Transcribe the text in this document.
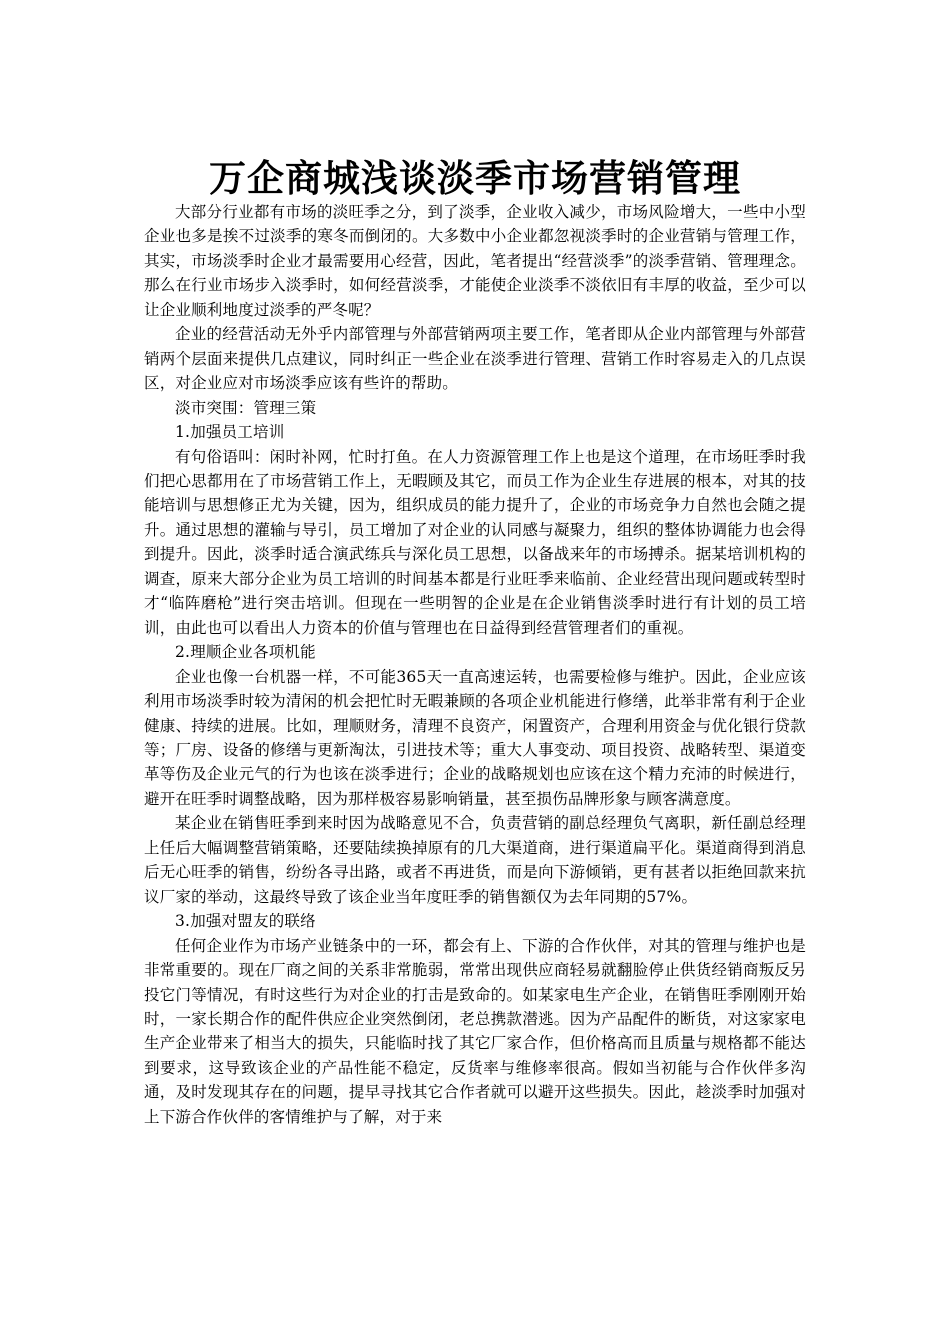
万企商城浅谈淡季市场营销管理

大部分行业都有市场的淡旺季之分，到了淡季，企业收入减少，市场风险增大，一些中小型企业也多是挨不过淡季的寒冬而倒闭的。大多数中小企业都忽视淡季时的企业营销与管理工作，其实，市场淡季时企业才最需要用心经营，因此，笔者提出“经营淡季”的淡季营销、管理理念。那么在行业市场步入淡季时，如何经营淡季，才能使企业淡季不淡依旧有丰厚的收益，至少可以让企业顺利地度过淡季的严冬呢？

企业的经营活动无外乎内部管理与外部营销两项主要工作，笔者即从企业内部管理与外部营销两个层面来提供几点建议，同时纠正一些企业在淡季进行管理、营销工作时容易走入的几点误区，对企业应对市场淡季应该有些许的帮助。

淡市突围：管理三策

1.加强员工培训

有句俗语叫：闲时补网，忙时打鱼。在人力资源管理工作上也是这个道理，在市场旺季时我们把心思都用在了市场营销工作上，无暇顾及其它，而员工作为企业生存进展的根本，对其的技能培训与思想修正尤为关键，因为，组织成员的能力提升了，企业的市场竞争力自然也会随之提升。通过思想的灌输与导引，员工增加了对企业的认同感与凝聚力，组织的整体协调能力也会得到提升。因此，淡季时适合演武练兵与深化员工思想，以备战来年的市场搏杀。据某培训机构的调查，原来大部分企业为员工培训的时间基本都是行业旺季来临前、企业经营出现问题或转型时才“临阵磨枪”进行突击培训。但现在一些明智的企业是在企业销售淡季时进行有计划的员工培训，由此也可以看出人力资本的价值与管理也在日益得到经营管理者们的重视。

2.理顺企业各项机能

企业也像一台机器一样，不可能365天一直高速运转，也需要检修与维护。因此，企业应该利用市场淡季时较为清闲的机会把忙时无暇兼顾的各项企业机能进行修缮，此举非常有利于企业健康、持续的进展。比如，理顺财务，清理不良资产，闲置资产，合理利用资金与优化银行贷款等；厂房、设备的修缮与更新淘汰，引进技术等；重大人事变动、项目投资、战略转型、渠道变革等伤及企业元气的行为也该在淡季进行；企业的战略规划也应该在这个精力充沛的时候进行，避开在旺季时调整战略，因为那样极容易影响销量，甚至损伤品牌形象与顾客满意度。

某企业在销售旺季到来时因为战略意见不合，负责营销的副总经理负气离职，新任副总经理上任后大幅调整营销策略，还要陆续换掉原有的几大渠道商，进行渠道扁平化。渠道商得到消息后无心旺季的销售，纷纷各寻出路，或者不再进货，而是向下游倾销，更有甚者以拒绝回款来抗议厂家的举动，这最终导致了该企业当年度旺季的销售额仅为去年同期的57%。

3.加强对盟友的联络

任何企业作为市场产业链条中的一环，都会有上、下游的合作伙伴，对其的管理与维护也是非常重要的。现在厂商之间的关系非常脆弱，常常出现供应商轻易就翻脸停止供货经销商叛反另投它门等情况，有时这些行为对企业的打击是致命的。如某家电生产企业，在销售旺季刚刚开始时，一家长期合作的配件供应企业突然倒闭，老总携款潜逃。因为产品配件的断货，对这家家电生产企业带来了相当大的损失，只能临时找了其它厂家合作，但价格高而且质量与规格都不能达到要求，这导致该企业的产品性能不稳定，反货率与维修率很高。假如当初能与合作伙伴多沟通，及时发现其存在的问题，提早寻找其它合作者就可以避开这些损失。因此，趁淡季时加强对上下游合作伙伴的客情维护与了解，对于来
